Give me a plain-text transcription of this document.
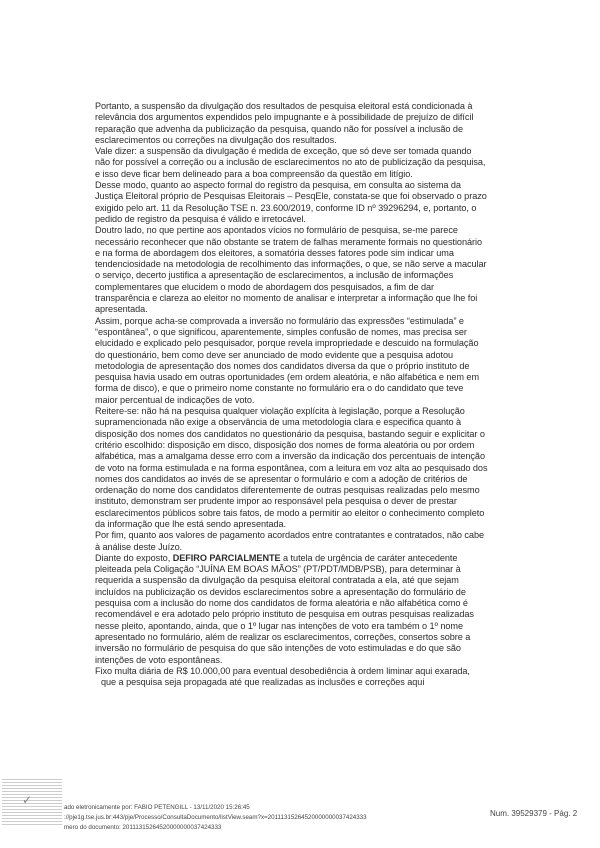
Portanto, a suspensão da divulgação dos resultados de pesquisa eleitoral está condicionada à
relevância dos argumentos expendidos pelo impugnante e à possibilidade de prejuízo de difícil
reparação que advenha da publicização da pesquisa, quando não for possível a inclusão de
esclarecimentos ou correções na divulgação dos resultados.
Vale dizer: a suspensão da divulgação é medida de exceção, que só deve ser tomada quando
não for possível a correção ou a inclusão de esclarecimentos no ato de publicização da pesquisa,
e isso deve ficar bem delineado para a boa compreensão da questão em litígio.
Desse modo, quanto ao aspecto formal do registro da pesquisa, em consulta ao sistema da
Justiça Eleitoral próprio de Pesquisas Eleitorais – PesqEle, constata-se que foi observado o prazo
exigido pelo art. 11 da Resolução TSE n. 23.600/2019, conforme ID nº 39296294, e, portanto, o
pedido de registro da pesquisa é válido e irretocável.
Doutro lado, no que pertine aos apontados vícios no formulário de pesquisa, se-me parece
necessário reconhecer que não obstante se tratem de falhas meramente formais no questionário
e na forma de abordagem dos eleitores, a somatória desses fatores pode sim indicar uma
tendenciosidade na metodologia de recolhimento das informações, o que, se não serve a macular
o serviço, decerto justifica a apresentação de esclarecimentos, a inclusão de informações
complementares que elucidem o modo de abordagem dos pesquisados, a fim de dar
transparência e clareza ao eleitor no momento de analisar e interpretar a informação que lhe foi
apresentada.
Assim, porque acha-se comprovada a inversão no formulário das expressões “estimulada” e
“espontânea”, o que significou, aparentemente, simples confusão de nomes, mas precisa ser
elucidado e explicado pelo pesquisador, porque revela impropriedade e descuido na formulação
do questionário, bem como deve ser anunciado de modo evidente que a pesquisa adotou
metodologia de apresentação dos nomes dos candidatos diversa da que o próprio instituto de
pesquisa havia usado em outras oportunidades (em ordem aleatória, e não alfabética e nem em
forma de disco), e que o primeiro nome constante no formulário era o do candidato que teve
maior percentual de indicações de voto.
Reitere-se: não há na pesquisa qualquer violação explícita à legislação, porque a Resolução
supramencionada não exige a observância de uma metodologia clara e especifica quanto à
disposição dos nomes dos candidatos no questionário da pesquisa, bastando seguir e explicitar o
critério escolhido: disposição em disco, disposição dos nomes de forma aleatória ou por ordem
alfabética, mas a amalgama desse erro com a inversão da indicação dos percentuais de intenção
de voto na forma estimulada e na forma espontânea, com a leitura em voz alta ao pesquisado dos
nomes dos candidatos ao invés de se apresentar o formulário e com a adoção de critérios de
ordenação do nome dos candidatos diferentemente de outras pesquisas realizadas pelo mesmo
instituto, demonstram ser prudente impor ao responsável pela pesquisa o dever de prestar
esclarecimentos públicos sobre tais fatos, de modo a permitir ao eleitor o conhecimento completo
da informação que lhe está sendo apresentada.
Por fim, quanto aos valores de pagamento acordados entre contratantes e contratados, não cabe
à análise deste Juízo.
Diante do exposto, DEFIRO PARCIALMENTE a tutela de urgência de caráter antecedente
pleiteada pela Coligação “JUÍNA EM BOAS MÃOS” (PT/PDT/MDB/PSB), para determinar à
requerida a suspensão da divulgação da pesquisa eleitoral contratada a ela, até que sejam
incluídos na publicização os devidos esclarecimentos sobre a apresentação do formulário de
pesquisa com a inclusão do nome dos candidatos de forma aleatória e não alfabética como é
recomendável e era adotado pelo próprio instituto de pesquisa em outras pesquisas realizadas
nesse pleito, apontando, ainda, que o 1º lugar nas intenções de voto era também o 1º nome
apresentado no formulário, além de realizar os esclarecimentos, correções, consertos sobre a
inversão no formulário de pesquisa do que são intenções de voto estimuladas e do que são
intenções de voto espontâneas.
Fixo multa diária de R$ 10.000,00 para eventual desobediência à ordem liminar aqui exarada,
que a pesquisa seja propagada até que realizadas as inclusões e correções aqui
✓
ado eletronicamente por: FABIO PETENGILL - 13/11/2020 15:26:45
://pje1g.tse.jus.br:443/pje/Processo/ConsultaDocumento/listView.seam?x=20111315264520000000037424333
mero do documento: 20111315264520000000037424333
Num. 39529379 - Pág. 2
